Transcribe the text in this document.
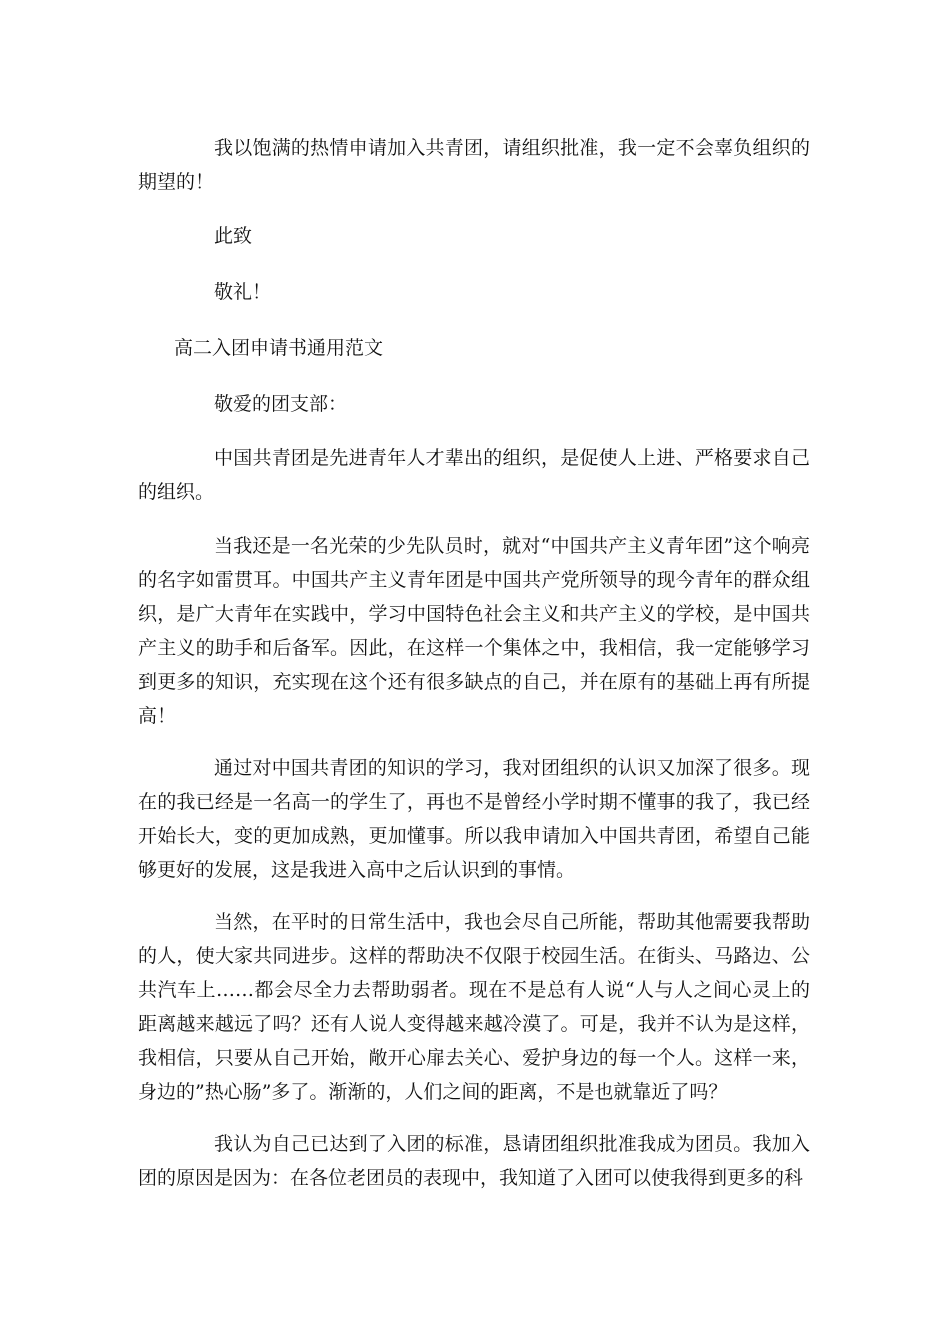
我以饱满的热情申请加入共青团，请组织批准，我一定不会辜负组织的期望的！

此致

敬礼！

高二入团申请书通用范文

敬爱的团支部：

中国共青团是先进青年人才辈出的组织，是促使人上进、严格要求自己的组织。

当我还是一名光荣的少先队员时，就对“中国共产主义青年团”这个响亮的名字如雷贯耳。中国共产主义青年团是中国共产党所领导的现今青年的群众组织，是广大青年在实践中，学习中国特色社会主义和共产主义的学校，是中国共产主义的助手和后备军。因此，在这样一个集体之中，我相信，我一定能够学习到更多的知识，充实现在这个还有很多缺点的自己，并在原有的基础上再有所提高！

通过对中国共青团的知识的学习，我对团组织的认识又加深了很多。现在的我已经是一名高一的学生了，再也不是曾经小学时期不懂事的我了，我已经开始长大，变的更加成熟，更加懂事。所以我申请加入中国共青团，希望自己能够更好的发展，这是我进入高中之后认识到的事情。

当然，在平时的日常生活中，我也会尽自己所能，帮助其他需要我帮助的人，使大家共同进步。这样的帮助决不仅限于校园生活。在街头、马路边、公共汽车上……都会尽全力去帮助弱者。现在不是总有人说“人与人之间心灵上的距离越来越远了吗？还有人说人变得越来越冷漠了。可是，我并不认为是这样，我相信，只要从自己开始，敞开心扉去关心、爱护身边的每一个人。这样一来，身边的”热心肠”多了。渐渐的，人们之间的距离，不是也就靠近了吗？

我认为自己已达到了入团的标准，恳请团组织批准我成为团员。我加入团的原因是因为：在各位老团员的表现中，我知道了入团可以使我得到更多的科
